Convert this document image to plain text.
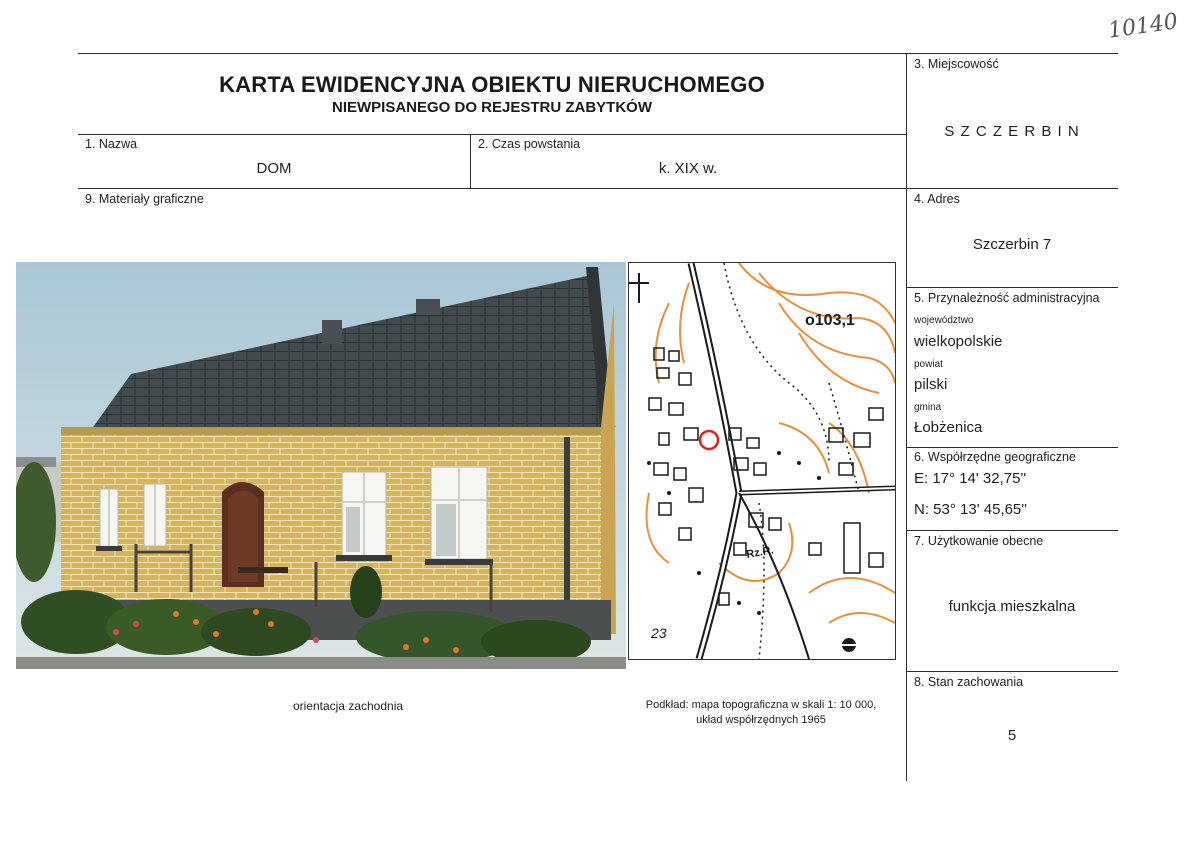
10140
KARTA EWIDENCYJNA OBIEKTU NIERUCHOMEGO
NIEWPISANEGO DO REJESTRU ZABYTKÓW
1. Nazwa
DOM
2. Czas powstania
k. XIX w.
3. Miejscowość
S Z C Z E R B I N
4. Adres
Szczerbin 7
5. Przynależność administracyjna
województwo
wielkopolskie
powiat
pilski
gmina
Łobżenica
6. Współrzędne geograficzne
E: 17° 14' 32,75''
N: 53° 13' 45,65''
7. Użytkowanie obecne
funkcja mieszkalna
8. Stan zachowania
5
9. Materiały graficzne
o103,1
23
Rz.R.
orientacja zachodnia	Podkład: mapa topograficzna w skali 1: 10 000,
układ współrzędnych 1965
